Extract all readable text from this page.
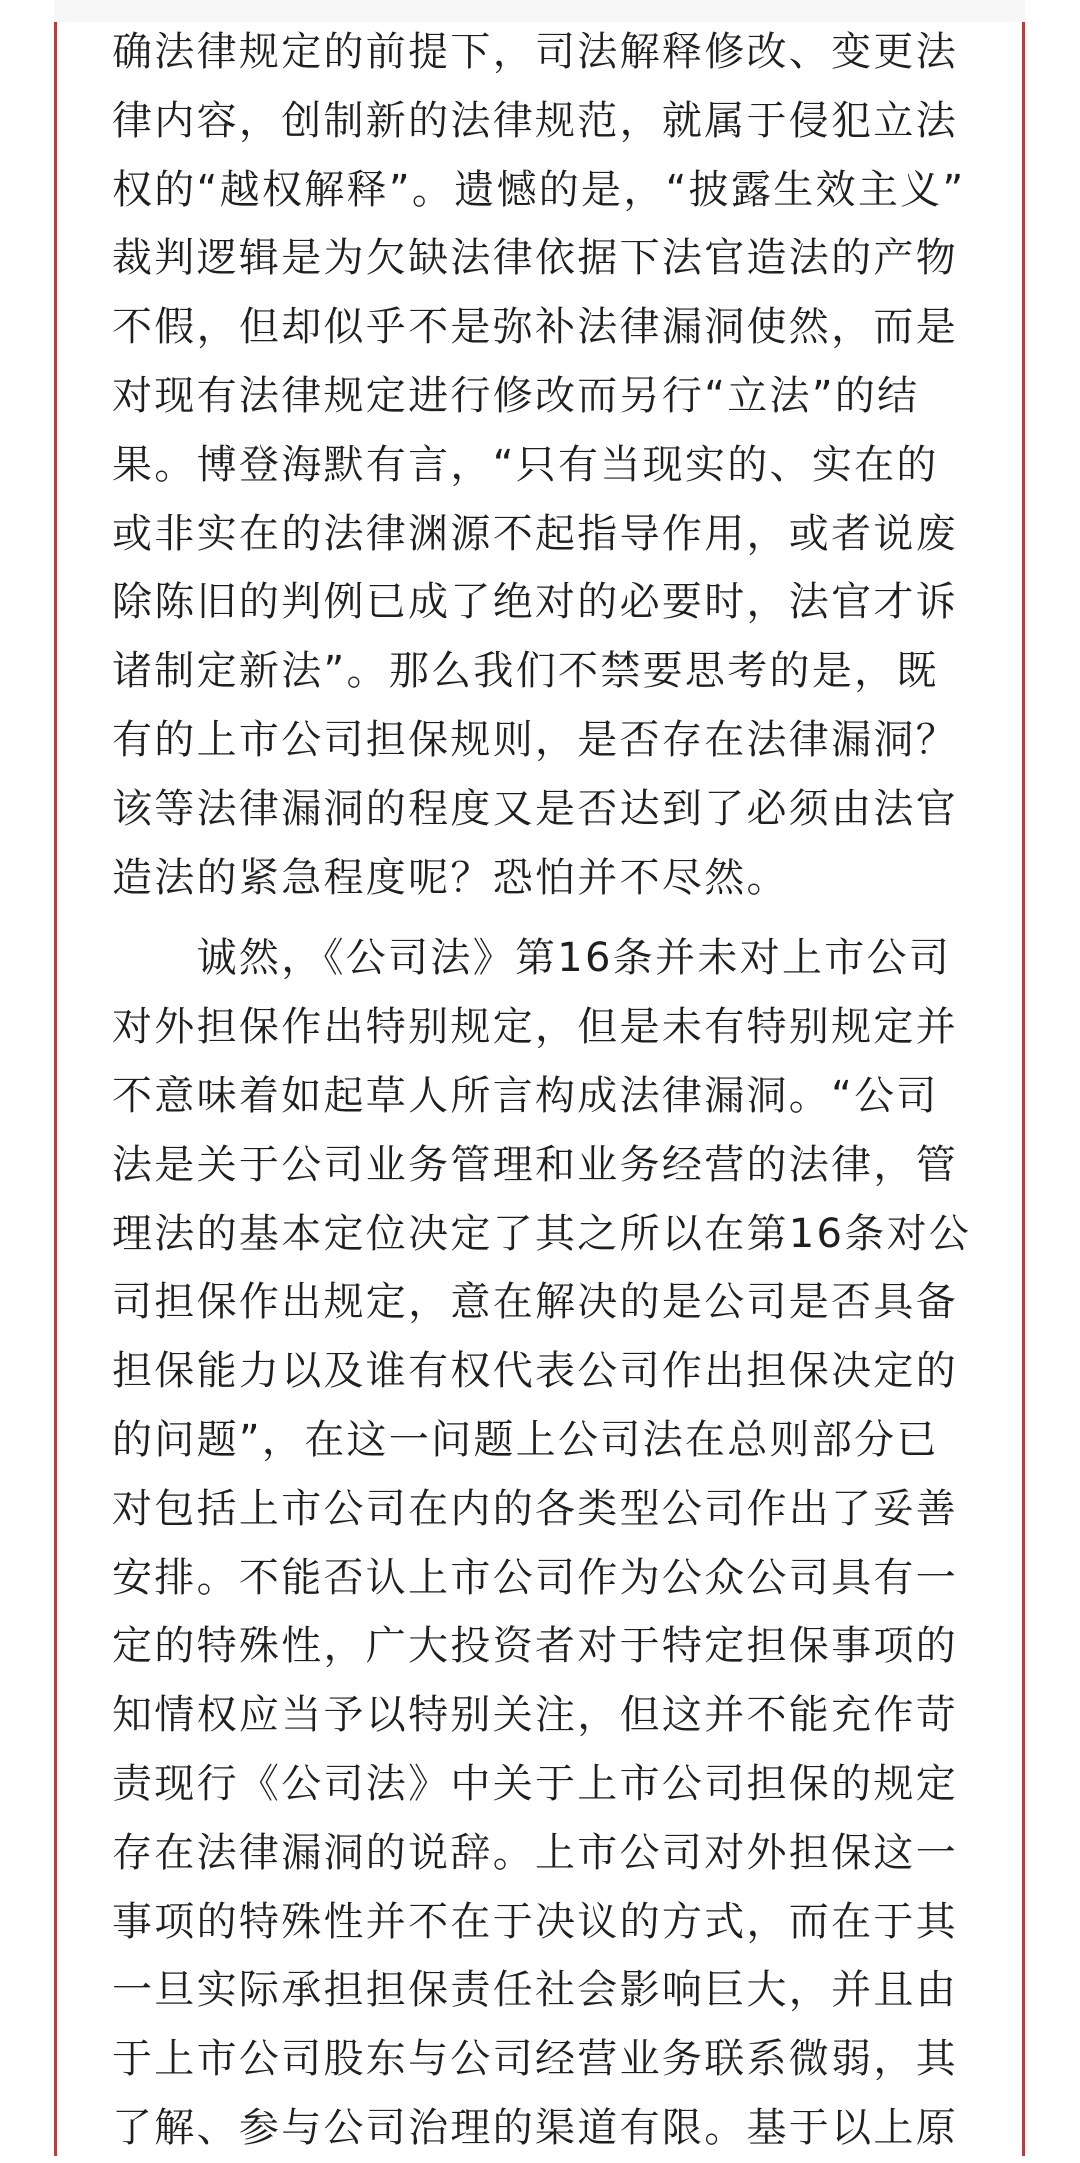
确法律规定的前提下，司法解释修改、变更法
律内容，创制新的法律规范，就属于侵犯立法
权的“越权解释”。遗憾的是，“披露生效主义”
裁判逻辑是为欠缺法律依据下法官造法的产物
不假，但却似乎不是弥补法律漏洞使然，而是
对现有法律规定进行修改而另行“立法”的结
果。博登海默有言，“只有当现实的、实在的
或非实在的法律渊源不起指导作用，或者说废
除陈旧的判例已成了绝对的必要时，法官才诉
诸制定新法”。那么我们不禁要思考的是，既
有的上市公司担保规则，是否存在法律漏洞？
该等法律漏洞的程度又是否达到了必须由法官
造法的紧急程度呢？恐怕并不尽然。
　　诚然，《公司法》第16条并未对上市公司
对外担保作出特别规定，但是未有特别规定并
不意味着如起草人所言构成法律漏洞。“公司
法是关于公司业务管理和业务经营的法律，管
理法的基本定位决定了其之所以在第16条对公
司担保作出规定，意在解决的是公司是否具备
担保能力以及谁有权代表公司作出担保决定的
的问题”，在这一问题上公司法在总则部分已
对包括上市公司在内的各类型公司作出了妥善
安排。不能否认上市公司作为公众公司具有一
定的特殊性，广大投资者对于特定担保事项的
知情权应当予以特别关注，但这并不能充作苛
责现行《公司法》中关于上市公司担保的规定
存在法律漏洞的说辞。上市公司对外担保这一
事项的特殊性并不在于决议的方式，而在于其
一旦实际承担担保责任社会影响巨大，并且由
于上市公司股东与公司经营业务联系微弱，其
了解、参与公司治理的渠道有限。基于以上原
